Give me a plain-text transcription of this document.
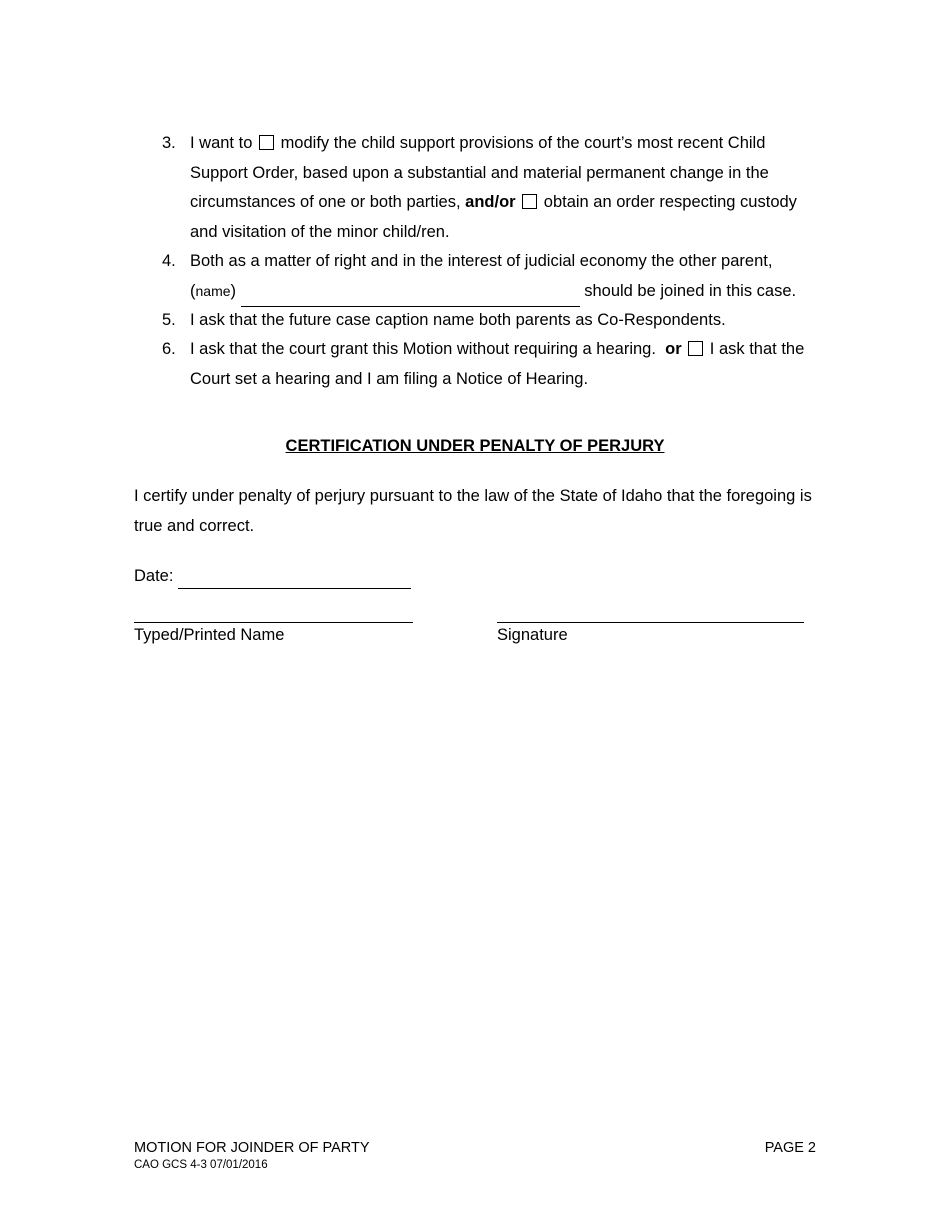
3. I want to modify the child support provisions of the court’s most recent Child Support Order, based upon a substantial and material permanent change in the circumstances of one or both parties, and/or obtain an order respecting custody and visitation of the minor child/ren.
4. Both as a matter of right and in the interest of judicial economy the other parent,
(name)	should be joined in this case.
5. I ask that the future case caption name both parents as Co-Respondents.
6. I ask that the court grant this Motion without requiring a hearing. or I ask that the Court set a hearing and I am filing a Notice of Hearing.
CERTIFICATION UNDER PENALTY OF PERJURY
I certify under penalty of perjury pursuant to the law of the State of Idaho that the foregoing is true and correct.
Date:
Typed/Printed Name	Signature
MOTION FOR JOINDER OF PARTY
CAO GCS 4-3 07/01/2016
PAGE 2
